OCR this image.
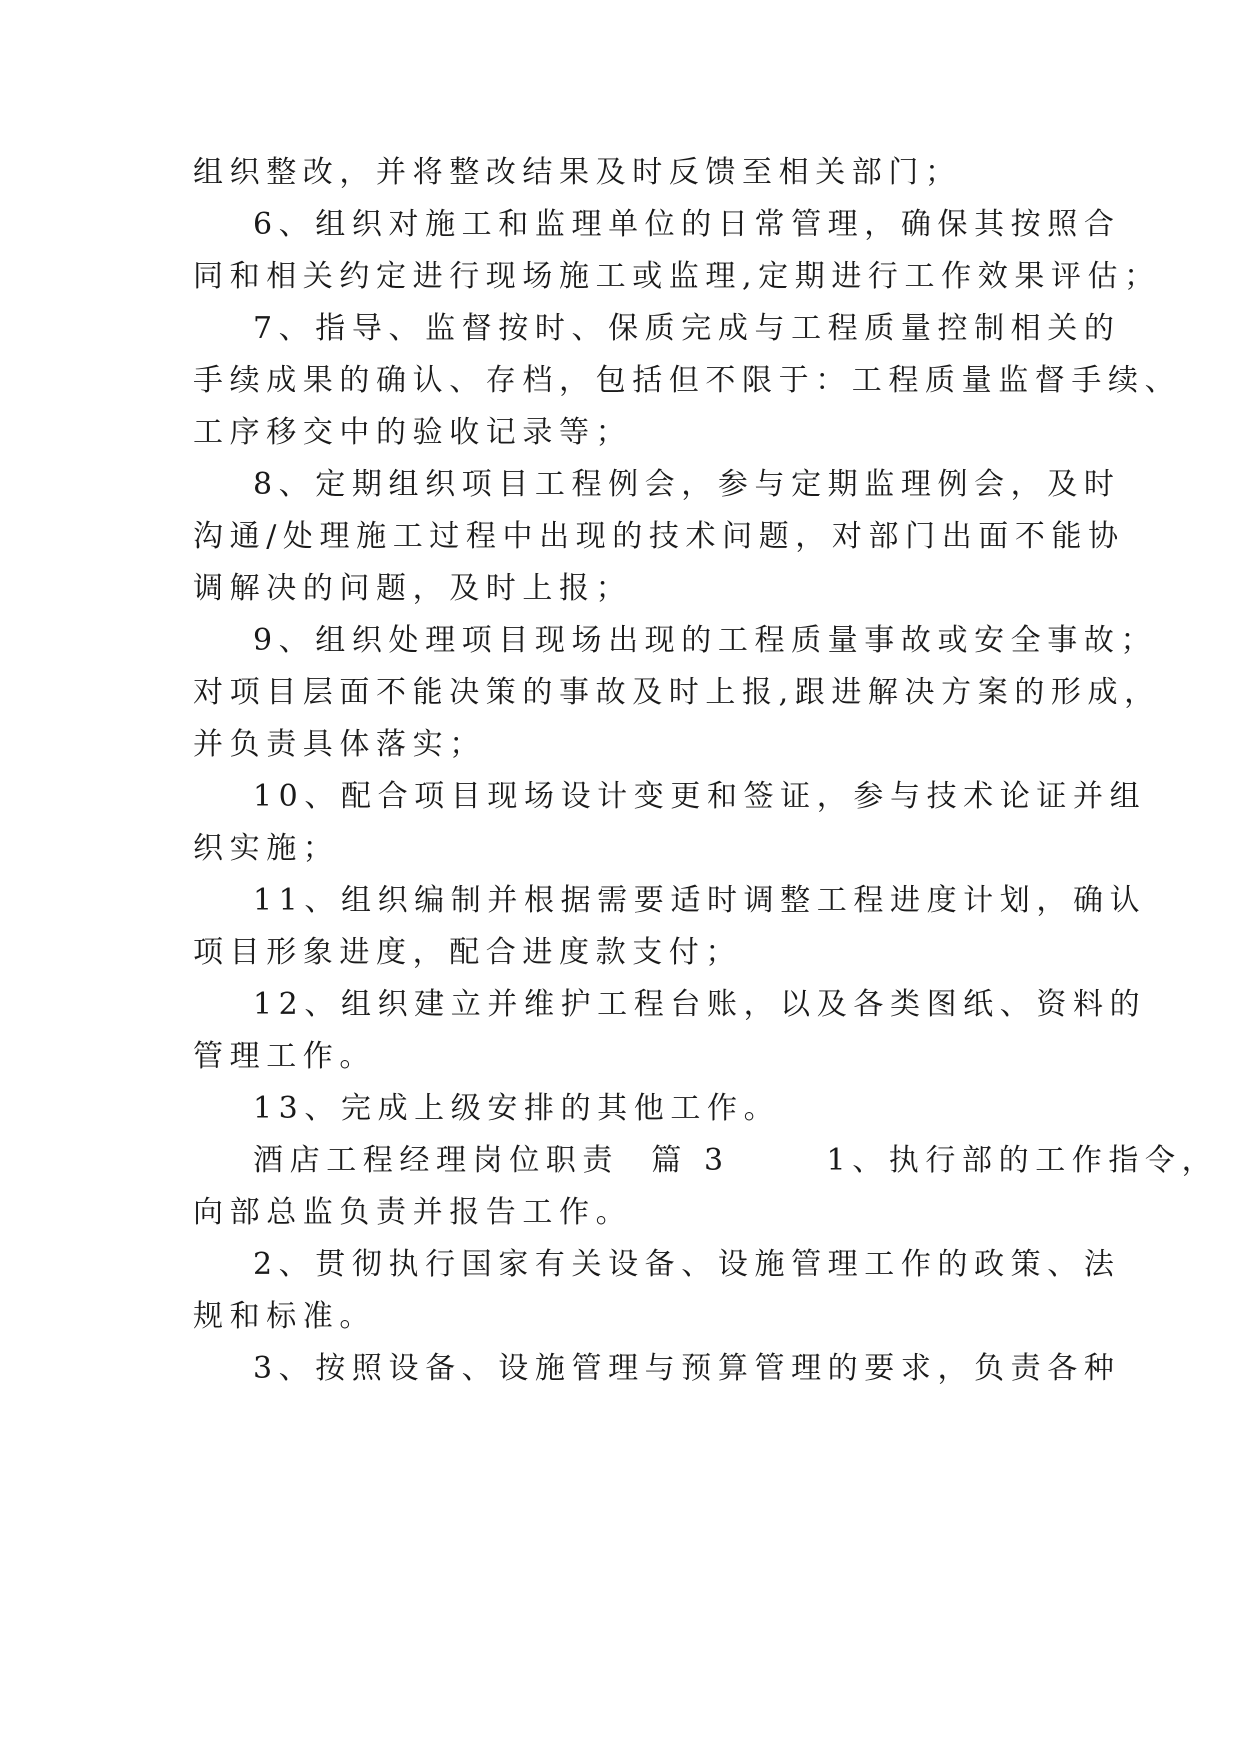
组织整改，并将整改结果及时反馈至相关部门；
6、组织对施工和监理单位的日常管理，确保其按照合
同和相关约定进行现场施工或监理,定期进行工作效果评估；
7、指导、监督按时、保质完成与工程质量控制相关的
手续成果的确认、存档，包括但不限于：工程质量监督手续、
工序移交中的验收记录等；
8、定期组织项目工程例会，参与定期监理例会，及时
沟通/处理施工过程中出现的技术问题，对部门出面不能协
调解决的问题，及时上报；
9、组织处理项目现场出现的工程质量事故或安全事故；
对项目层面不能决策的事故及时上报,跟进解决方案的形成，
并负责具体落实；
10、配合项目现场设计变更和签证，参与技术论证并组
织实施；
11、组织编制并根据需要适时调整工程进度计划，确认
项目形象进度，配合进度款支付；
12、组织建立并维护工程台账，以及各类图纸、资料的
管理工作。
13、完成上级安排的其他工作。
酒店工程经理岗位职责  篇 3      1、执行部的工作指令，
向部总监负责并报告工作。
2、贯彻执行国家有关设备、设施管理工作的政策、法
规和标准。
3、按照设备、设施管理与预算管理的要求，负责各种
